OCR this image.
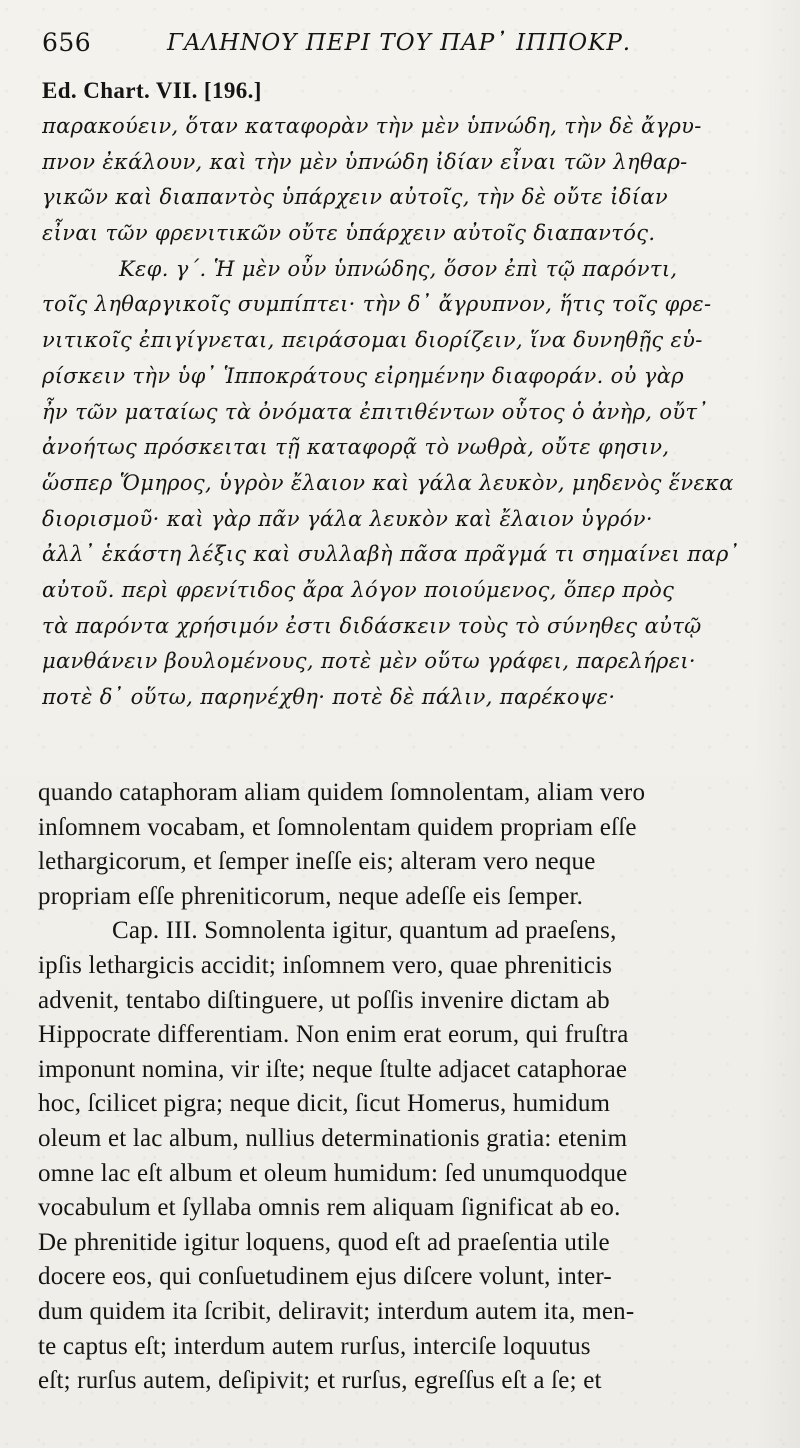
656	ΓΑΛΗΝΟΥ ΠΕΡΙ ΤΟΥ ΠΑΡ᾽ ΙΠΠΟΚΡ.
Ed. Chart. VII. [196.]
παρακούειν, ὅταν καταφορὰν τὴν μὲν ὑπνώδη, τὴν δὲ ἄγρυ-
πνον ἐκάλουν, καὶ τὴν μὲν ὑπνώδη ἰδίαν εἶναι τῶν ληθαρ-
γικῶν καὶ διαπαντὸς ὑπάρχειν αὐτοῖς, τὴν δὲ οὔτε ἰδίαν
εἶναι τῶν φρενιτικῶν οὔτε ὑπάρχειν αὐτοῖς διαπαντός.
Κεφ. γ΄. Ἡ μὲν οὖν ὑπνώδης, ὅσον ἐπὶ τῷ παρόντι,
τοῖς ληθαργικοῖς συμπίπτει· τὴν δ᾽ ἄγρυπνον, ἥτις τοῖς φρε-
νιτικοῖς ἐπιγίγνεται, πειράσομαι διορίζειν, ἵνα δυνηθῇς εὑ-
ρίσκειν τὴν ὑφ᾽ Ἱπποκράτους εἰρημένην διαφοράν. οὐ γὰρ
ἦν τῶν ματαίως τὰ ὀνόματα ἐπιτιθέντων οὗτος ὁ ἀνὴρ, οὔτ᾽
ἀνοήτως πρόσκειται τῇ καταφορᾷ τὸ νωθρὰ, οὔτε φησιν,
ὥσπερ Ὅμηρος, ὑγρὸν ἔλαιον καὶ γάλα λευκὸν, μηδενὸς ἕνεκα
διορισμοῦ· καὶ γὰρ πᾶν γάλα λευκὸν καὶ ἔλαιον ὑγρόν·
ἀλλ᾽ ἑκάστη λέξις καὶ συλλαβὴ πᾶσα πρᾶγμά τι σημαίνει παρ᾽
αὐτοῦ. περὶ φρενίτιδος ἄρα λόγον ποιούμενος, ὅπερ πρὸς
τὰ παρόντα χρήσιμόν ἐστι διδάσκειν τοὺς τὸ σύνηθες αὐτῷ
μανθάνειν βουλομένους, ποτὲ μὲν οὕτω γράφει, παρελήρει·
ποτὲ δ᾽ οὕτω, παρηνέχθη· ποτὲ δὲ πάλιν, παρέκοψε·
quando cataphoram aliam quidem ſomnolentam, aliam vero
inſomnem vocabam, et ſomnolentam quidem propriam eſſe
lethargicorum, et ſemper ineſſe eis; alteram vero neque
propriam eſſe phreniticorum, neque adeſſe eis ſemper.
Cap. III. Somnolenta igitur, quantum ad praeſens,
ipſis lethargicis accidit; inſomnem vero, quae phreniticis
advenit, tentabo diſtinguere, ut poſſis invenire dictam ab
Hippocrate differentiam. Non enim erat eorum, qui fruſtra
imponunt nomina, vir iſte; neque ſtulte adjacet cataphorae
hoc, ſcilicet pigra; neque dicit, ſicut Homerus, humidum
oleum et lac album, nullius determinationis gratia: etenim
omne lac eſt album et oleum humidum: ſed unumquodque
vocabulum et ſyllaba omnis rem aliquam ſignificat ab eo.
De phrenitide igitur loquens, quod eſt ad praeſentia utile
docere eos, qui conſuetudinem ejus diſcere volunt, inter-
dum quidem ita ſcribit, deliravit; interdum autem ita, men-
te captus eſt; interdum autem rurſus, interciſe loquutus
eſt; rurſus autem, deſipivit; et rurſus, egreſſus eſt a ſe; et
